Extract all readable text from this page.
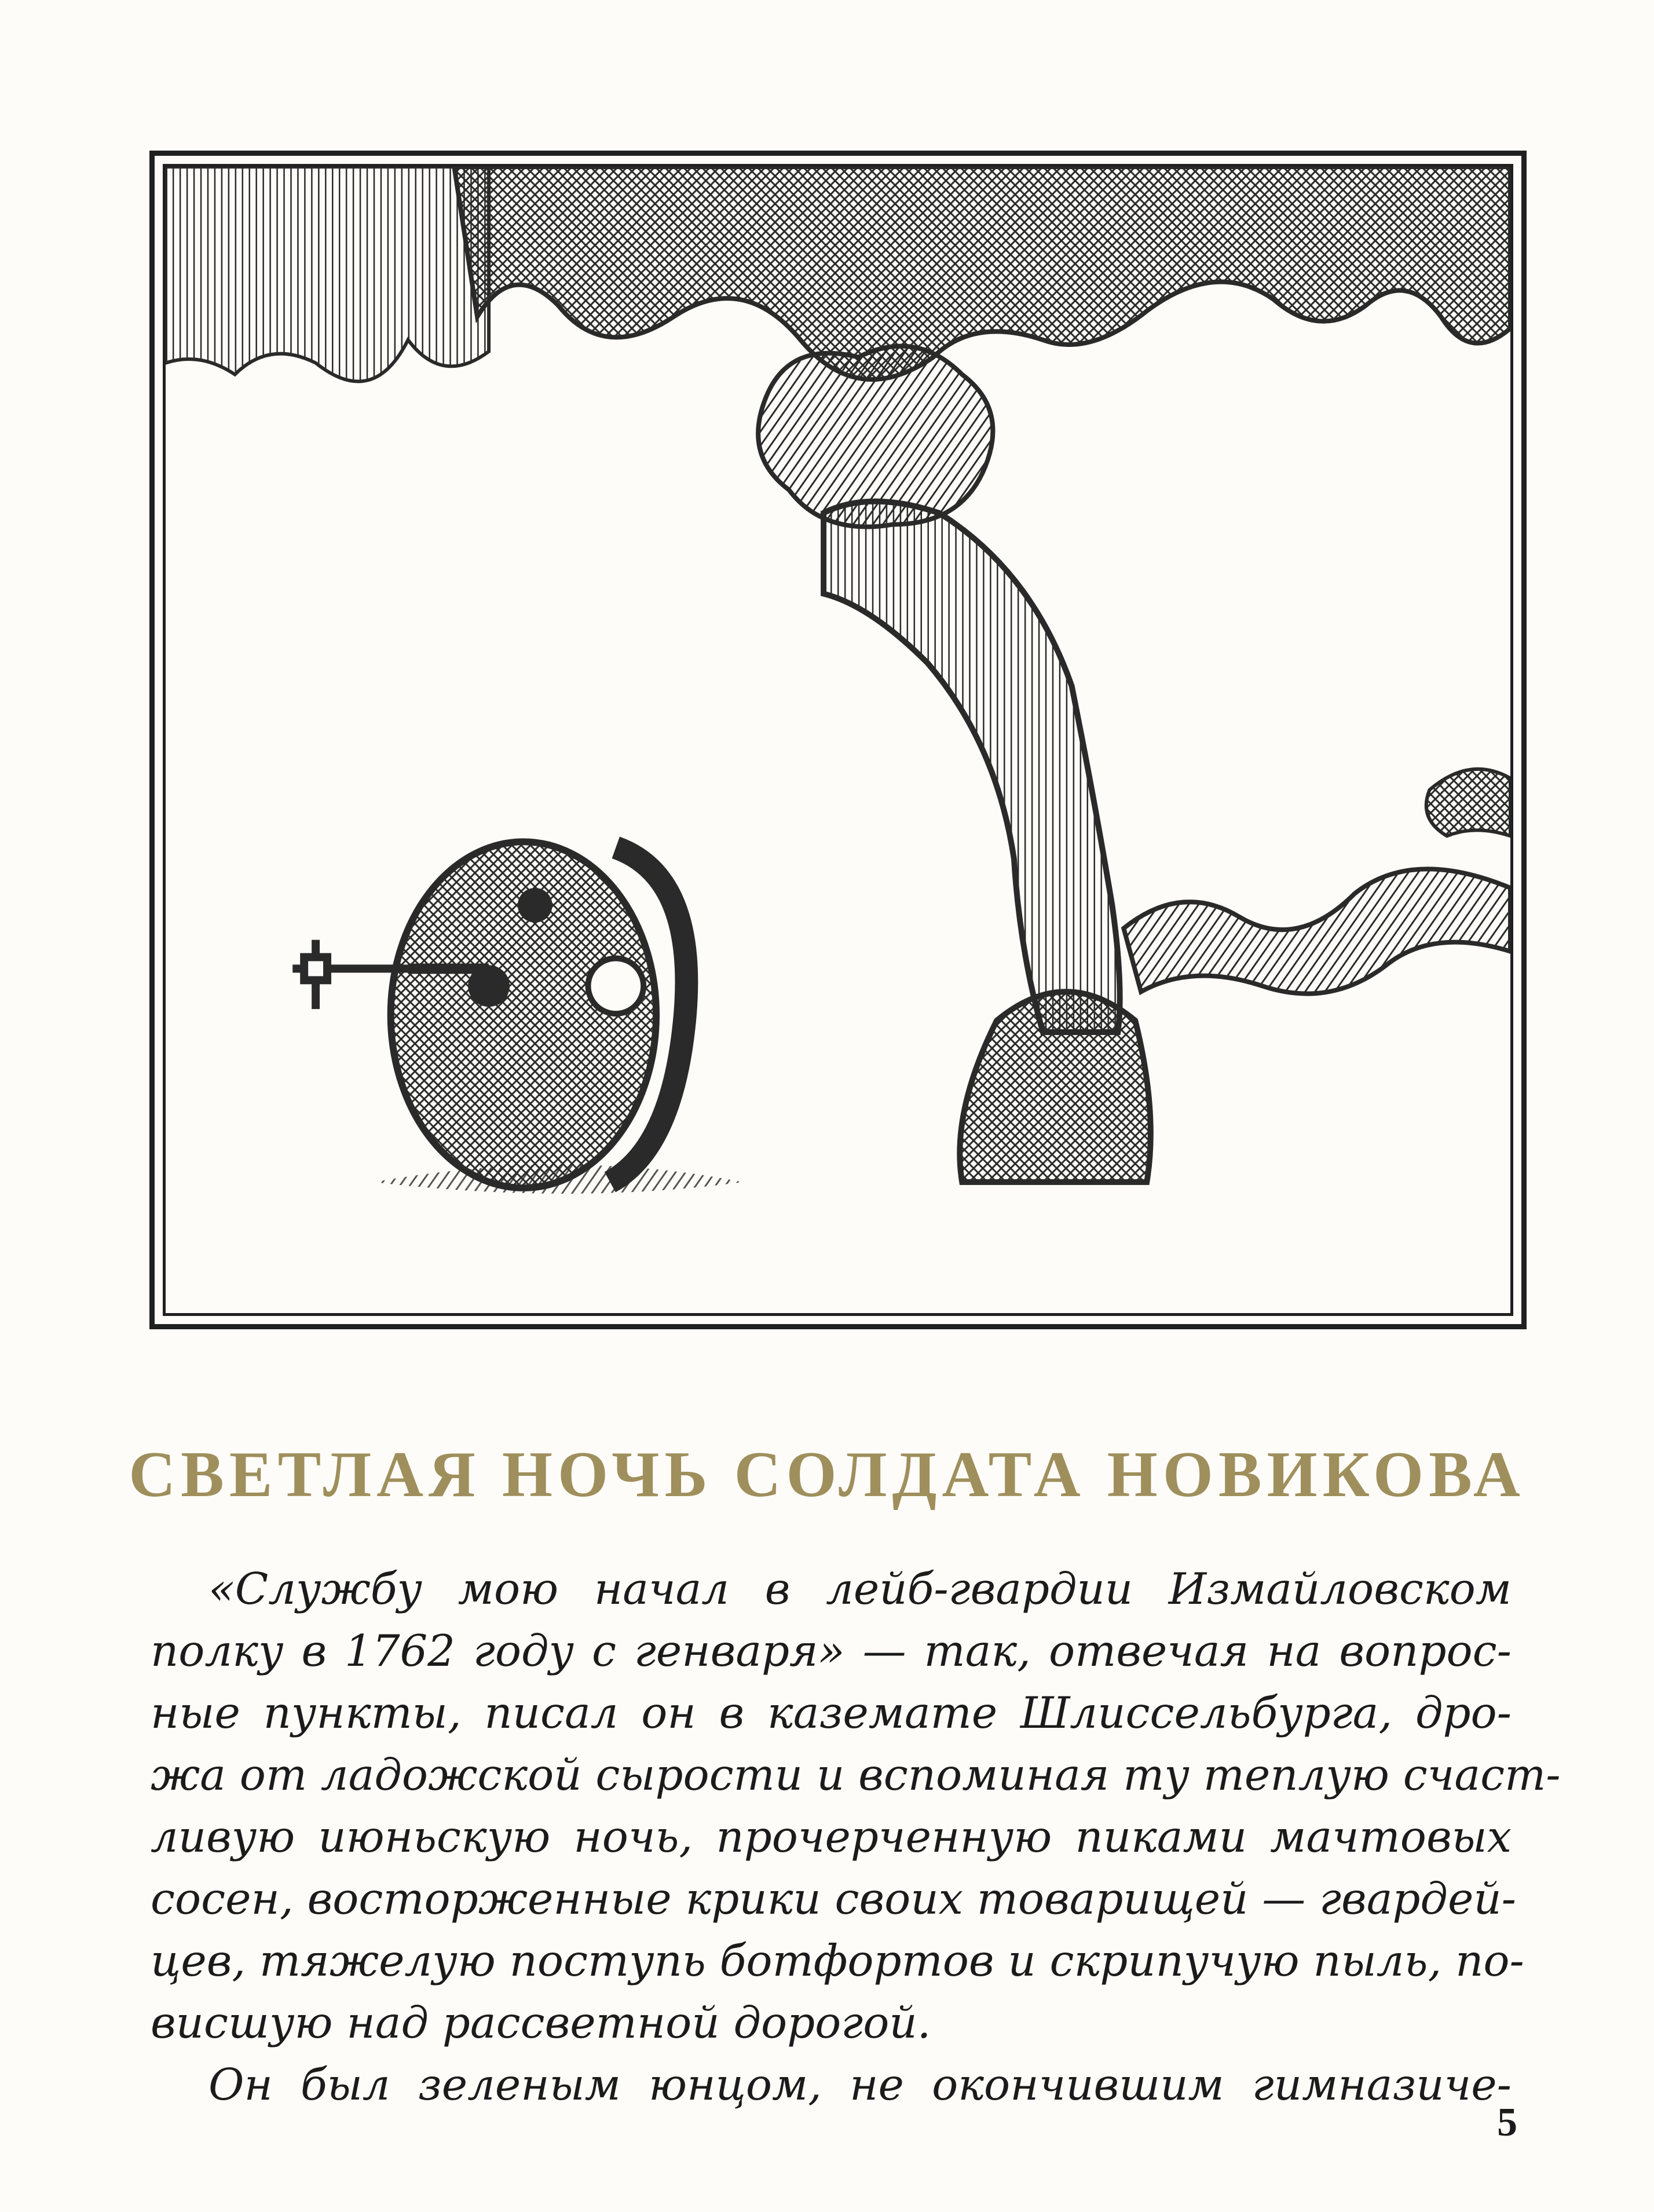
СВЕТЛАЯ НОЧЬ СОЛДАТА НОВИКОВА
«Службу мою начал в лейб-гвардии Измайловском
полку в 1762 году с генваря» — так, отвечая на вопрос-
ные пункты, писал он в каземате Шлиссельбурга, дро-
жа от ладожской сырости и вспоминая ту теплую счаст-
ливую июньскую ночь, прочерченную пиками мачтовых
сосен, восторженные крики своих товарищей — гвардей-
цев, тяжелую поступь ботфортов и скрипучую пыль, по-
висшую над рассветной дорогой.
Он был зеленым юнцом, не окончившим гимназиче-
5
